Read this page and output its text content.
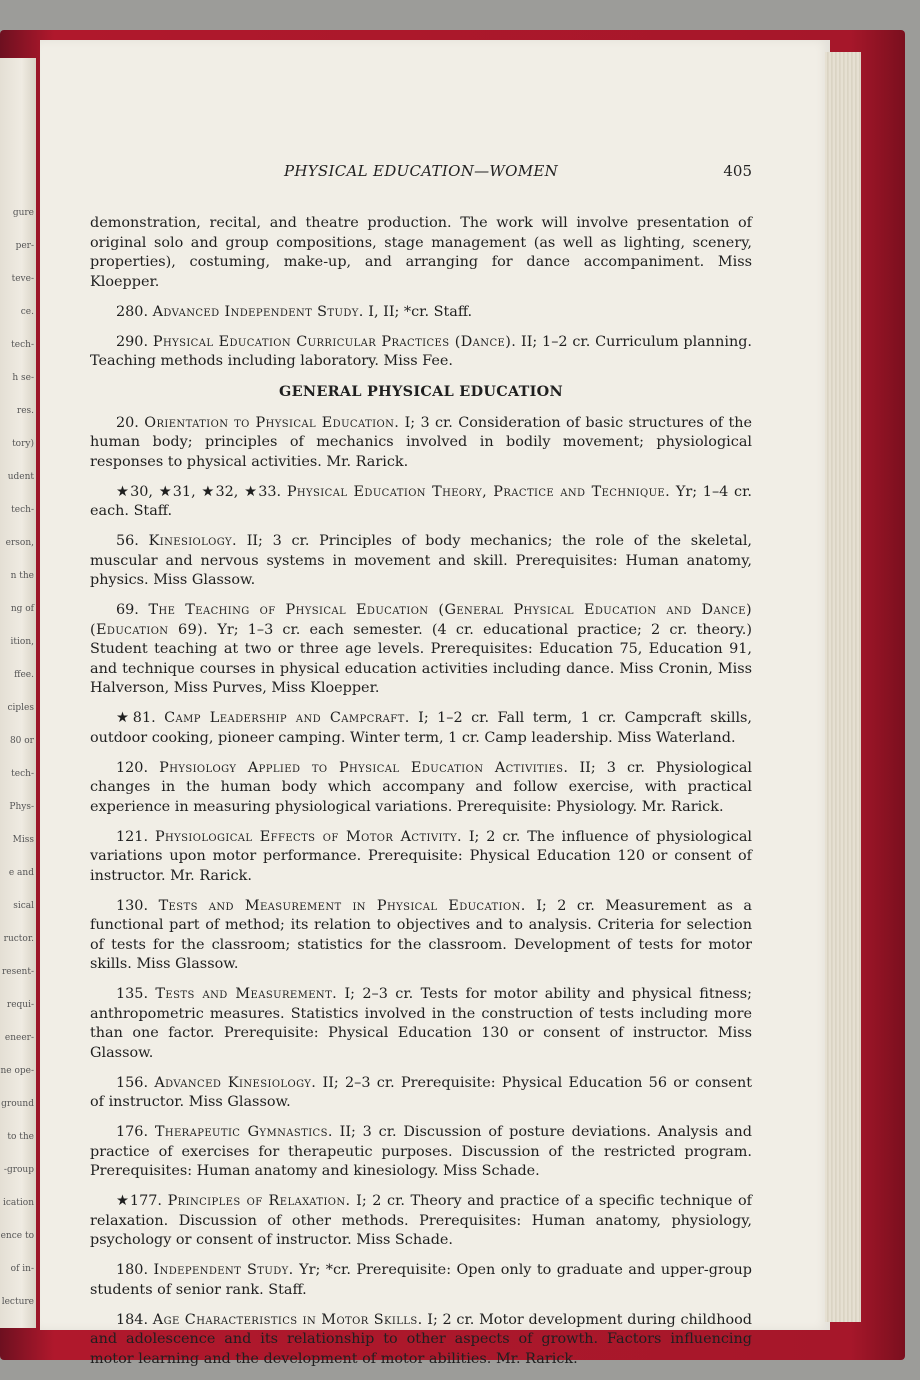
gure
per-
teve-
ce.
tech-
h se-
res.
tory)
udent
tech-
erson,
n the
ng of
ition,
ffee.
ciples
80 or
tech-
Phys-
Miss
e and
sical
ructor.
resent-
requi-
eneer-
ne ope-
ground
to the
-group
ication
ence to
of in-
lecture
PHYSICAL EDUCATION—WOMEN	405

demonstration, recital, and theatre production. The work will involve presentation of original solo and group compositions, stage management (as well as lighting, scenery, properties), costuming, make-up, and arranging for dance accompaniment. Miss Kloepper.

280. Advanced Independent Study. I, II; *cr. Staff.

290. Physical Education Curricular Practices (Dance). II; 1–2 cr. Curriculum planning. Teaching methods including laboratory. Miss Fee.

GENERAL PHYSICAL EDUCATION

20. Orientation to Physical Education. I; 3 cr. Consideration of basic structures of the human body; principles of mechanics involved in bodily movement; physiological responses to physical activities. Mr. Rarick.

★30, ★31, ★32, ★33. Physical Education Theory, Practice and Technique. Yr; 1–4 cr. each. Staff.

56. Kinesiology. II; 3 cr. Principles of body mechanics; the role of the skeletal, muscular and nervous systems in movement and skill. Prerequisites: Human anatomy, physics. Miss Glassow.

69. The Teaching of Physical Education (General Physical Education and Dance) (Education 69). Yr; 1–3 cr. each semester. (4 cr. educational practice; 2 cr. theory.) Student teaching at two or three age levels. Prerequisites: Education 75, Education 91, and technique courses in physical education activities including dance. Miss Cronin, Miss Halverson, Miss Purves, Miss Kloepper.

★81. Camp Leadership and Campcraft. I; 1–2 cr. Fall term, 1 cr. Campcraft skills, outdoor cooking, pioneer camping. Winter term, 1 cr. Camp leadership. Miss Waterland.

120. Physiology Applied to Physical Education Activities. II; 3 cr. Physiological changes in the human body which accompany and follow exercise, with practical experience in measuring physiological variations. Prerequisite: Physiology. Mr. Rarick.

121. Physiological Effects of Motor Activity. I; 2 cr. The influence of physiological variations upon motor performance. Prerequisite: Physical Education 120 or consent of instructor. Mr. Rarick.

130. Tests and Measurement in Physical Education. I; 2 cr. Measurement as a functional part of method; its relation to objectives and to analysis. Criteria for selection of tests for the classroom; statistics for the classroom. Development of tests for motor skills. Miss Glassow.

135. Tests and Measurement. I; 2–3 cr. Tests for motor ability and physical fitness; anthropometric measures. Statistics involved in the construction of tests including more than one factor. Prerequisite: Physical Education 130 or consent of instructor. Miss Glassow.

156. Advanced Kinesiology. II; 2–3 cr. Prerequisite: Physical Education 56 or consent of instructor. Miss Glassow.

176. Therapeutic Gymnastics. II; 3 cr. Discussion of posture deviations. Analysis and practice of exercises for therapeutic purposes. Discussion of the restricted program. Prerequisites: Human anatomy and kinesiology. Miss Schade.

★177. Principles of Relaxation. I; 2 cr. Theory and practice of a specific technique of relaxation. Discussion of other methods. Prerequisites: Human anatomy, physiology, psychology or consent of instructor. Miss Schade.

180. Independent Study. Yr; *cr. Prerequisite: Open only to graduate and upper-group students of senior rank. Staff.

184. Age Characteristics in Motor Skills. I; 2 cr. Motor development during childhood and adolescence and its relationship to other aspects of growth. Factors influencing motor learning and the development of motor abilities. Mr. Rarick.
